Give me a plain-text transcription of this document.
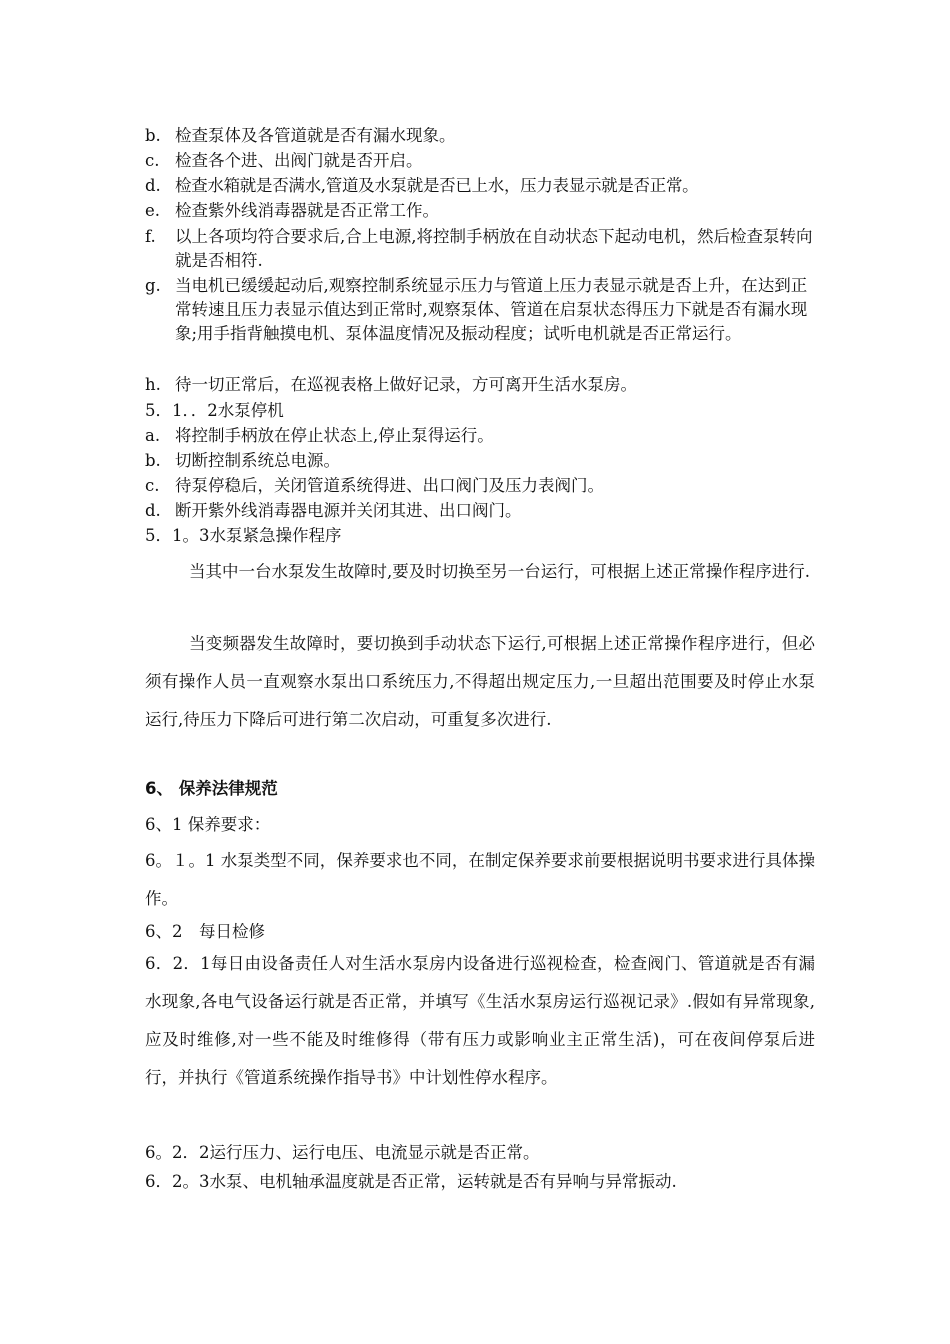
b. 检查泵体及各管道就是否有漏水现象。
c. 检查各个进、出阀门就是否开启。
d. 检查水箱就是否满水,管道及水泵就是否已上水，压力表显示就是否正常。
e. 检查紫外线消毒器就是否正常工作。
f.	以上各项均符合要求后,合上电源,将控制手柄放在自动状态下起动电机，然后检查泵转向就是否相符.
g. 当电机已缓缓起动后,观察控制系统显示压力与管道上压力表显示就是否上升，在达到正常转速且压力表显示值达到正常时,观察泵体、管道在启泵状态得压力下就是否有漏水现象;用手指背触摸电机、泵体温度情况及振动程度；试听电机就是否正常运行。
h. 待一切正常后，在巡视表格上做好记录，方可离开生活水泵房。
5．1．．2水泵停机
a. 将控制手柄放在停止状态上,停止泵得运行。
b. 切断控制系统总电源。
c. 待泵停稳后，关闭管道系统得进、出口阀门及压力表阀门。
d. 断开紫外线消毒器电源并关闭其进、出口阀门。
5．1。3水泵紧急操作程序
当其中一台水泵发生故障时,要及时切换至另一台运行，可根据上述正常操作程序进行.
当变频器发生故障时，要切换到手动状态下运行,可根据上述正常操作程序进行，但必须有操作人员一直观察水泵出口系统压力,不得超出规定压力,一旦超出范围要及时停止水泵运行,待压力下降后可进行第二次启动，可重复多次进行.
6、 保养法律规范
6、1 保养要求：
6。１。1 水泵类型不同，保养要求也不同，在制定保养要求前要根据说明书要求进行具体操作。
6、2　每日检修
6．2．1每日由设备责任人对生活水泵房内设备进行巡视检查，检查阀门、管道就是否有漏水现象,各电气设备运行就是否正常，并填写《生活水泵房运行巡视记录》.假如有异常现象,应及时维修,对一些不能及时维修得（带有压力或影响业主正常生活)，可在夜间停泵后进行，并执行《管道系统操作指导书》中计划性停水程序。
6。2．2运行压力、运行电压、电流显示就是否正常。
6．2。3水泵、电机轴承温度就是否正常，运转就是否有异响与异常振动.
